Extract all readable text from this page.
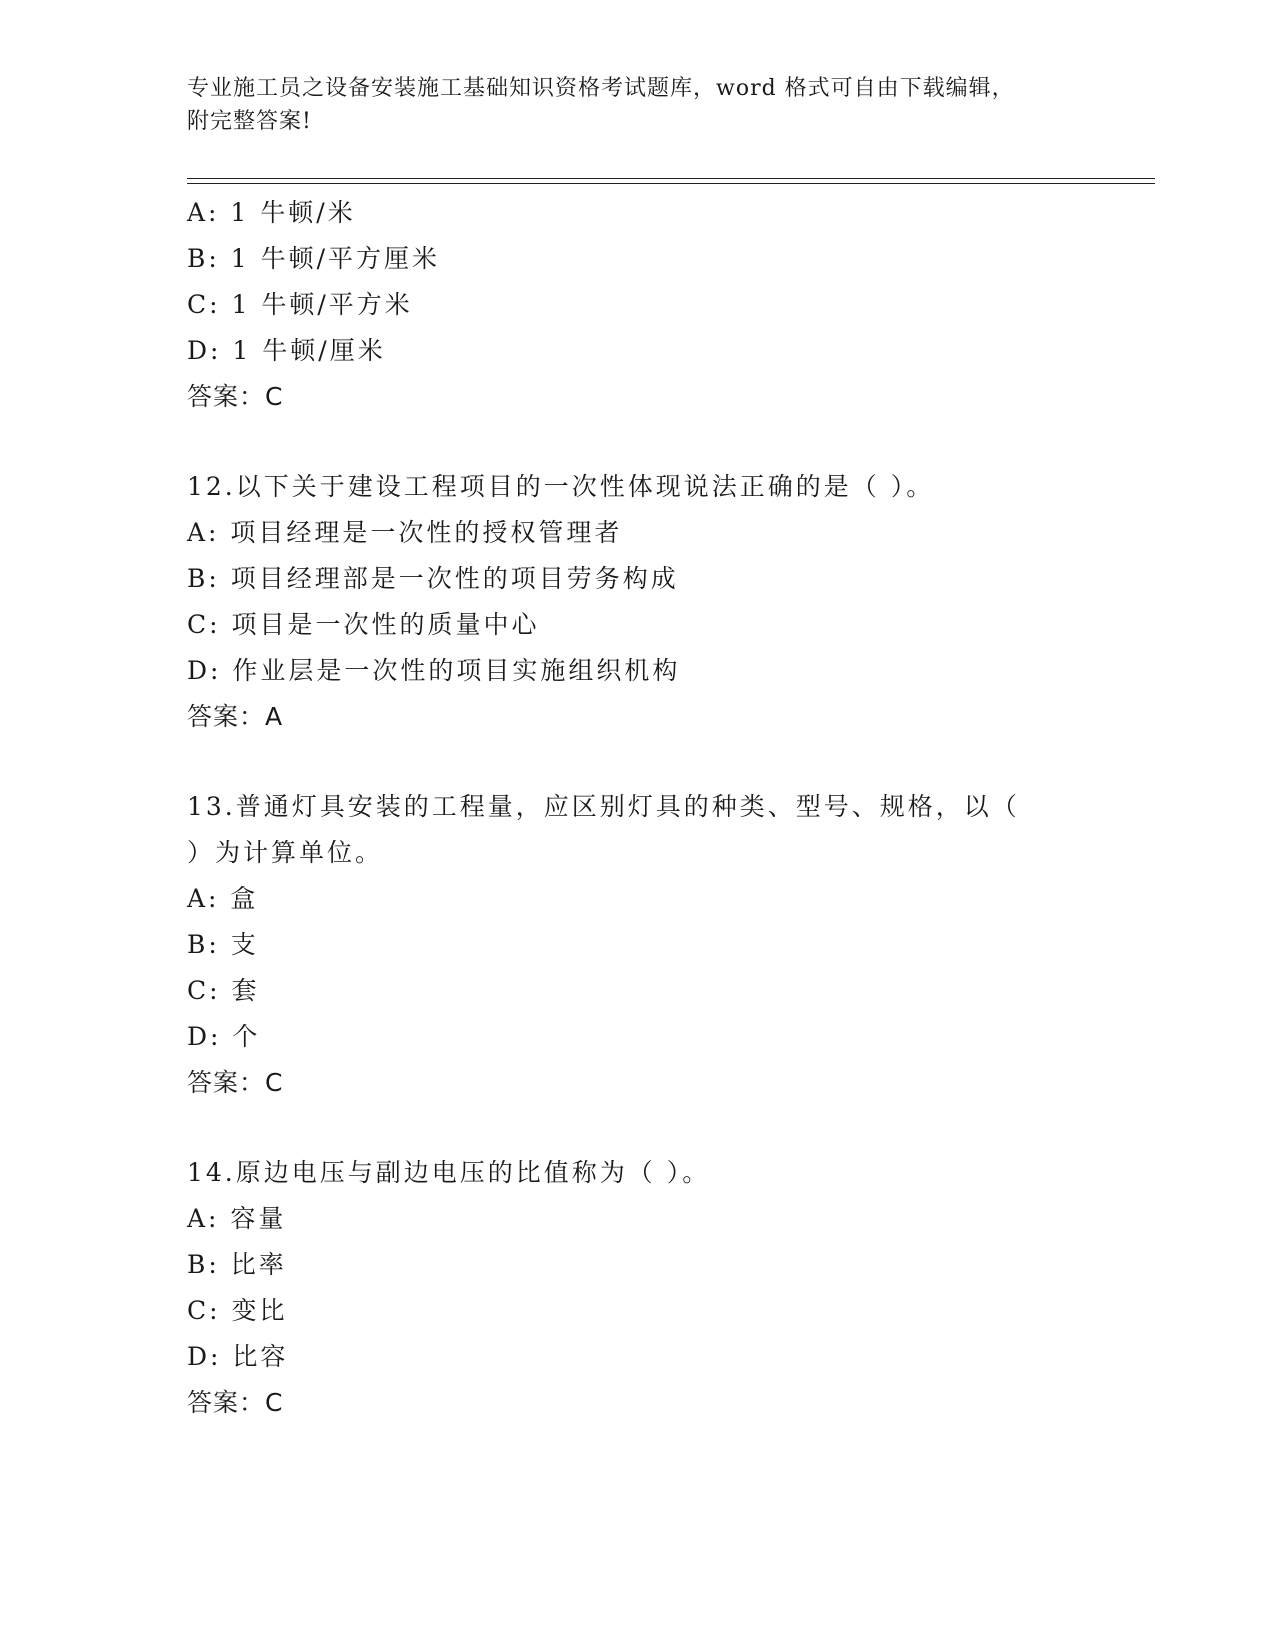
专业施工员之设备安装施工基础知识资格考试题库，word 格式可自由下载编辑，
附完整答案!
A: 1 牛顿/米
B: 1 牛顿/平方厘米
C: 1 牛顿/平方米
D: 1 牛顿/厘米
答案：C
12.以下关于建设工程项目的一次性体现说法正确的是（ ）。
A: 项目经理是一次性的授权管理者
B: 项目经理部是一次性的项目劳务构成
C: 项目是一次性的质量中心
D: 作业层是一次性的项目实施组织机构
答案：A
13.普通灯具安装的工程量，应区别灯具的种类、型号、规格，以（
）为计算单位。
A: 盒
B: 支
C: 套
D: 个
答案：C
14.原边电压与副边电压的比值称为（ ）。
A: 容量
B: 比率
C: 变比
D: 比容
答案：C
